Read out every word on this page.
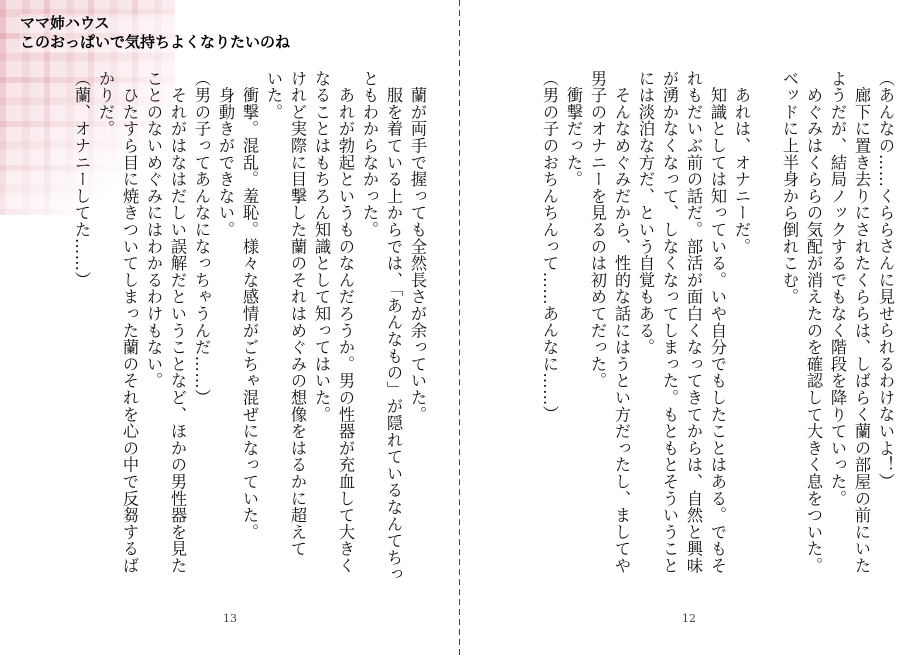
ママ姉ハウス
このおっぱいで気持ちよくなりたいのね
　蘭が両手で握っても全然長さが余っていた。
　服を着ている上からでは、「あんなもの」が隠れているなんてちっ
ともわからなかった。
　あれが勃起というものなんだろうか。男の性器が充血して大きく
なることはもちろん知識として知ってはいた。
けれど実際に目撃した蘭のそれはめぐみの想像をはるかに超えて
いた。
　衝撃。混乱。羞恥。様々な感情がごちゃ混ぜになっていた。
　身動きができない。
（男の子ってあんなになっちゃうんだ……）
　それがはなはだしい誤解だということなど、ほかの男性器を見た
ことのないめぐみにはわかるわけもない。
　ひたすら目に焼きついてしまった蘭のそれを心の中で反芻するば
かりだ。
（蘭、オナニーしてた……）
13
（あんなの……くららさんに見せられるわけないよ！）
　廊下に置き去りにされたくららは、しばらく蘭の部屋の前にいた
ようだが、結局ノックするでもなく階段を降りていった。
　めぐみはくららの気配が消えたのを確認して大きく息をついた。
ベッドに上半身から倒れこむ。

　あれは、オナニーだ。
　知識としては知っている。いや自分でもしたことはある。でもそ
れもだいぶ前の話だ。部活が面白くなってきてからは、自然と興味
が湧かなくなって、しなくなってしまった。もともとそういうこと
には淡泊な方だ、という自覚もある。
　そんなめぐみだから、性的な話にはうとい方だったし、ましてや
男子のオナニーを見るのは初めてだった。
　衝撃だった。
（男の子のおちんちんって……あんなに……）
12
